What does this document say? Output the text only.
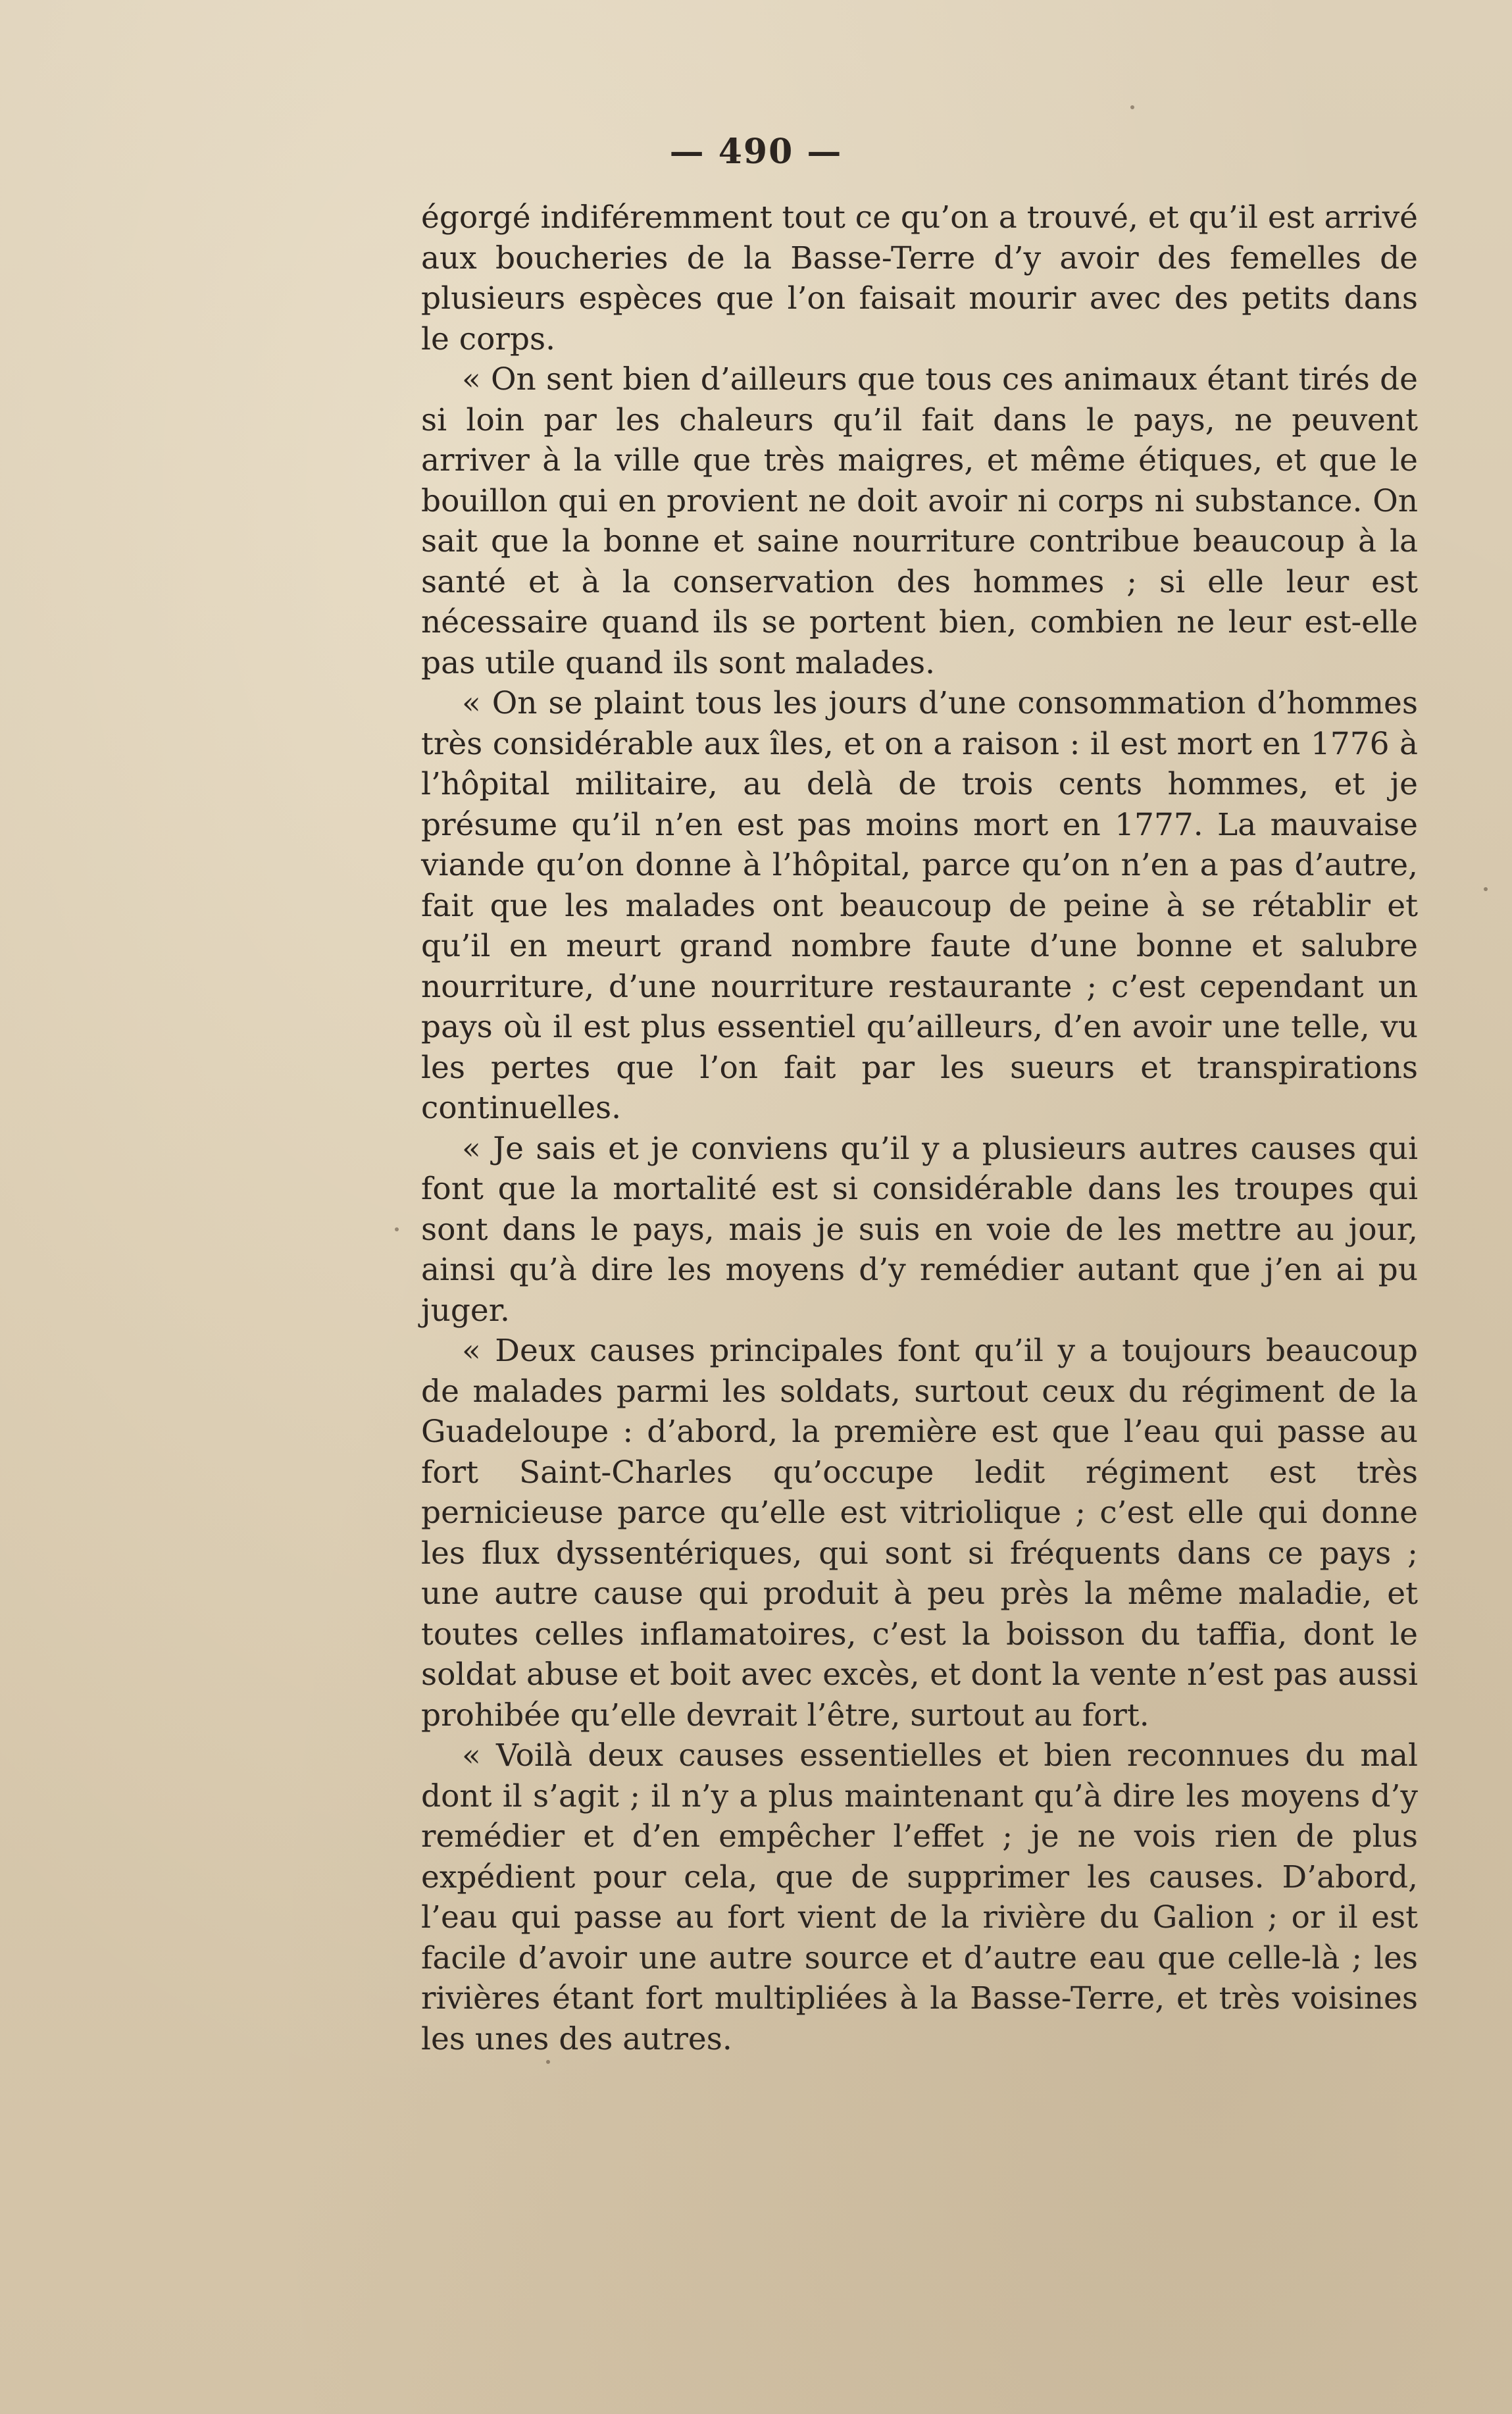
— 490 —

égorgé indiféremment tout ce qu’on a trouvé, et qu’il est arrivé aux boucheries de la Basse-Terre d’y avoir des femelles de plusieurs espèces que l’on faisait mourir avec des petits dans le corps.

« On sent bien d’ailleurs que tous ces animaux étant tirés de si loin par les chaleurs qu’il fait dans le pays, ne peuvent arriver à la ville que très maigres, et même étiques, et que le bouillon qui en provient ne doit avoir ni corps ni substance. On sait que la bonne et saine nourriture contribue beaucoup à la santé et à la conservation des hommes ; si elle leur est nécessaire quand ils se portent bien, combien ne leur est-elle pas utile quand ils sont malades.

« On se plaint tous les jours d’une consommation d’hommes très considérable aux îles, et on a raison : il est mort en 1776 à l’hôpital militaire, au delà de trois cents hommes, et je présume qu’il n’en est pas moins mort en 1777. La mauvaise viande qu’on donne à l’hôpital, parce qu’on n’en a pas d’autre, fait que les malades ont beaucoup de peine à se rétablir et qu’il en meurt grand nombre faute d’une bonne et salubre nourriture, d’une nourriture restaurante ; c’est cependant un pays où il est plus essentiel qu’ailleurs, d’en avoir une telle, vu les pertes que l’on fait par les sueurs et transpirations continuelles.

« Je sais et je conviens qu’il y a plusieurs autres causes qui font que la mortalité est si considérable dans les troupes qui sont dans le pays, mais je suis en voie de les mettre au jour, ainsi qu’à dire les moyens d’y remédier autant que j’en ai pu juger.

« Deux causes principales font qu’il y a toujours beaucoup de malades parmi les soldats, surtout ceux du régiment de la Guadeloupe : d’abord, la première est que l’eau qui passe au fort Saint-Charles qu’occupe ledit régiment est très pernicieuse parce qu’elle est vitriolique ; c’est elle qui donne les flux dyssentériques, qui sont si fréquents dans ce pays ; une autre cause qui produit à peu près la même maladie, et toutes celles inflamatoires, c’est la boisson du taffia, dont le soldat abuse et boit avec excès, et dont la vente n’est pas aussi prohibée qu’elle devrait l’être, surtout au fort.

« Voilà deux causes essentielles et bien reconnues du mal dont il s’agit ; il n’y a plus maintenant qu’à dire les moyens d’y remédier et d’en empêcher l’effet ; je ne vois rien de plus expédient pour cela, que de supprimer les causes. D’abord, l’eau qui passe au fort vient de la rivière du Galion ; or il est facile d’avoir une autre source et d’autre eau que celle-là ; les rivières étant fort multipliées à la Basse-Terre, et très voisines les unes des autres.
